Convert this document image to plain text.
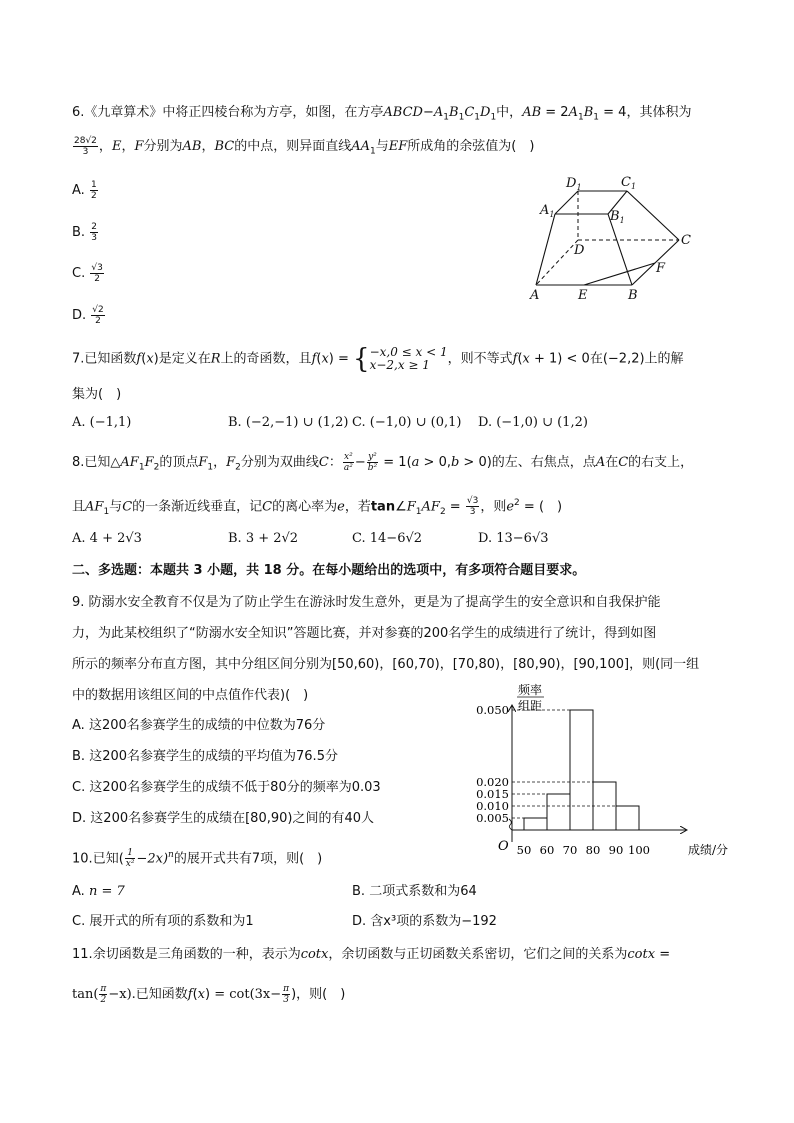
6.《九章算术》中将正四棱台称为方亭，如图，在方亭$ABCD-A_1B_1C_1D_1$中，AB = $2A_1B_1 = 4$，其体积为
$\frac{28√2}{3}$ ，E，F分别为AB，BC的中点，则异面直线$AA_1$与EF所成角的余弦值为(　)
A. $\frac{1}{2}$
B. $\frac{2}{3}$
C. $\frac{√3}{2}$
D. $\frac{√2}{2}$
$D_1$	$C_1$
$A_1$	$B_1$
D
C
F
A	E	B
7.已知函数f(x)是定义在R上的奇函数，且f(x) = { −x,0 ≤ x < 1
x−2,x ≥ 1	，则不等式f(x + 1) < 0在(−2,2)上的解
集为(　)
A. (−1,1)	B. (−2,−1) ∪ (1,2) C. (−1,0) ∪ (0,1) D. (−1,0) ∪ (1,2)
8.已知$\triangle AF_1F_2$的顶点$F_1$，$F_2$分别为双曲线C： $\frac{\text{x²}}{\text{a²}} - \frac{\text{y²}}{\text{b²}} = 1(a > 0,b > 0)$的左、右焦点，点A在C的右支上，
且$AF_1$与C的一条渐近线垂直，记C的离心率为e，若$\tan\angle F_1AF_2 = \frac{√3}{3}$ ，则$e^2$ = (　)
A. 4 + 2√3	B. 3 + 2√2	C. 14−6√2	D. 13−6√3
二、多选题：本题共 3 小题，共 18 分。在每小题给出的选项中，有多项符合题目要求。
9. 防溺水安全教育不仅是为了防止学生在游泳时发生意外，更是为了提高学生的安全意识和自我保护能
力，为此某校组织了“防溺水安全知识”答题比赛，并对参赛的200名学生的成绩进行了统计，得到如图
所示的频率分布直方图，其中分组区间分别为[50,60)，[60,70)，[70,80)，[80,90)，[90,100]，则(同一组
中的数据用该组区间的中点值作代表)(　)
A. 这200名参赛学生的成绩的中位数为76分
B. 这200名参赛学生的成绩的平均值为76.5分
C. 这200名参赛学生的成绩不低于80分的频率为0.03
D. 这200名参赛学生的成绩在[80,90)之间的有40人
频率
组距
O	成绩/分
0.005
0.010
0.015
0.020
0.050
50 60 70 80 90 100
10.已知( $\frac{1}{\text{x²}} -2x)^n$的展开式共有7项，则(　)
A. n = 7	B. 二项式系数和为64
C. 展开式的所有项的系数和为1	D. 含x³项的系数为−192
11.余切函数是三角函数的一种，表示为cotx，余切函数与正切函数关系密切，它们之间的关系为cotx =
$\tan( \frac{\pi}{2} -x)$.已知函数$f(x) = \cot(3x- \frac{\pi}{3}$ )，则(　)
